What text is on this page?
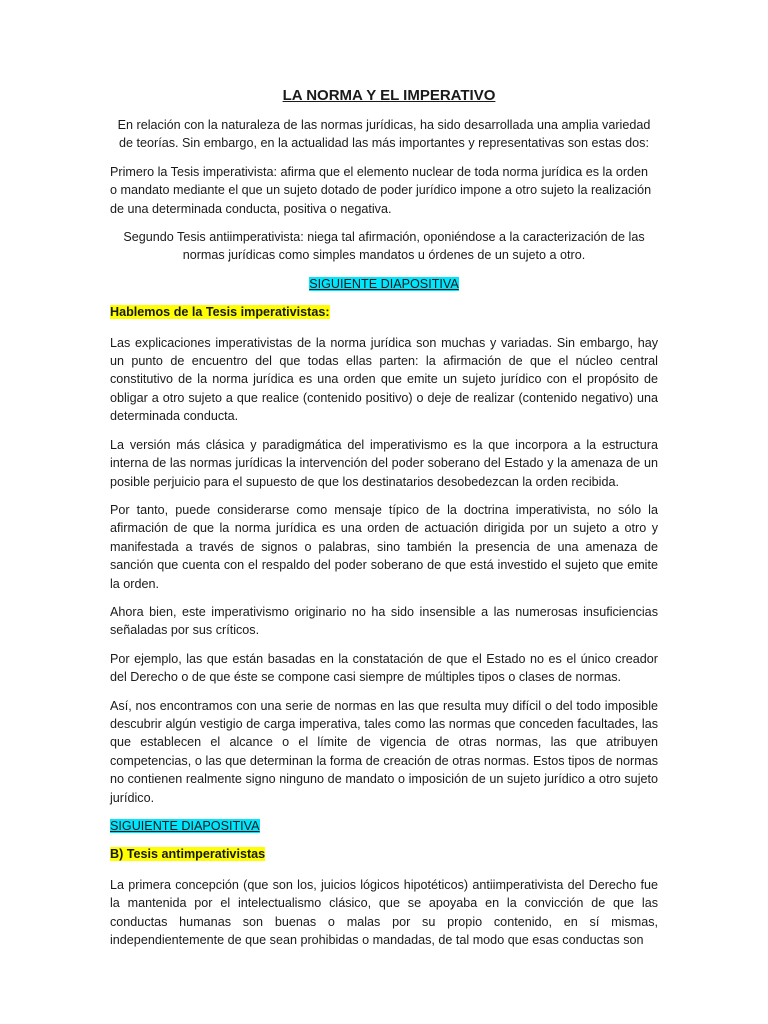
LA NORMA Y EL IMPERATIVO

En relación con la naturaleza de las normas jurídicas, ha sido desarrollada una amplia variedad de teorías. Sin embargo, en la actualidad las más importantes y representativas son estas dos:

Primero la Tesis imperativista: afirma que el elemento nuclear de toda norma jurídica es la orden o mandato mediante el que un sujeto dotado de poder jurídico impone a otro sujeto la realización de una determinada conducta, positiva o negativa.

Segundo Tesis antiimperativista: niega tal afirmación, oponiéndose a la caracterización de las normas jurídicas como simples mandatos u órdenes de un sujeto a otro.

SIGUIENTE DIAPOSITIVA

Hablemos de la Tesis imperativistas:

Las explicaciones imperativistas de la norma jurídica son muchas y variadas. Sin embargo, hay un punto de encuentro del que todas ellas parten: la afirmación de que el núcleo central constitutivo de la norma jurídica es una orden que emite un sujeto jurídico con el propósito de obligar a otro sujeto a que realice (contenido positivo) o deje de realizar (contenido negativo) una determinada conducta.

La versión más clásica y paradigmática del imperativismo es la que incorpora a la estructura interna de las normas jurídicas la intervención del poder soberano del Estado y la amenaza de un posible perjuicio para el supuesto de que los destinatarios desobedezcan la orden recibida.

Por tanto, puede considerarse como mensaje típico de la doctrina imperativista, no sólo la afirmación de que la norma jurídica es una orden de actuación dirigida por un sujeto a otro y manifestada a través de signos o palabras, sino también la presencia de una amenaza de sanción que cuenta con el respaldo del poder soberano de que está investido el sujeto que emite la orden.

Ahora bien, este imperativismo originario no ha sido insensible a las numerosas insuficiencias señaladas por sus críticos.

Por ejemplo, las que están basadas en la constatación de que el Estado no es el único creador del Derecho o de que éste se compone casi siempre de múltiples tipos o clases de normas.

Así, nos encontramos con una serie de normas en las que resulta muy difícil o del todo imposible descubrir algún vestigio de carga imperativa, tales como las normas que conceden facultades, las que establecen el alcance o el límite de vigencia de otras normas, las que atribuyen competencias, o las que determinan la forma de creación de otras normas. Estos tipos de normas no contienen realmente signo ninguno de mandato o imposición de un sujeto jurídico a otro sujeto jurídico.

SIGUIENTE DIAPOSITIVA

B) Tesis antimperativistas

La primera concepción (que son los, juicios lógicos hipotéticos) antiimperativista del Derecho fue la mantenida por el intelectualismo clásico, que se apoyaba en la convicción de que las conductas humanas son buenas o malas por su propio contenido, en sí mismas, independientemente de que sean prohibidas o mandadas, de tal modo que esas conductas son
